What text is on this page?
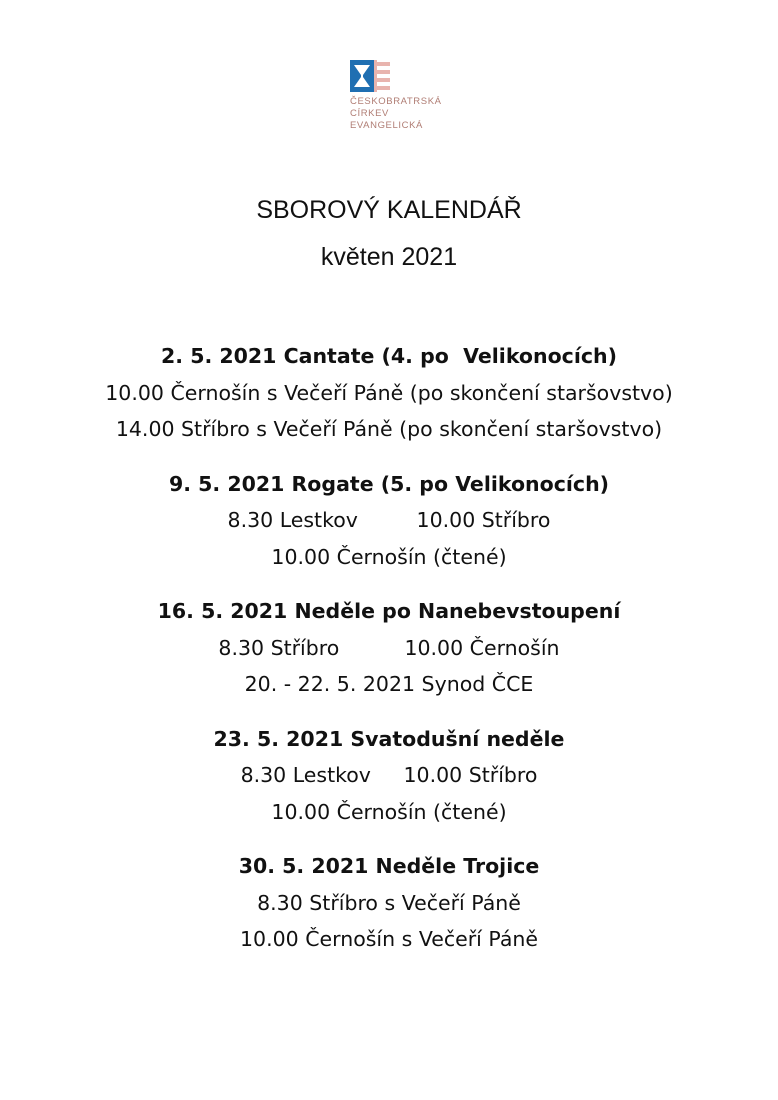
ČESKOBRATRSKÁ
CÍRKEV
EVANGELICKÁ
SBOROVÝ KALENDÁŘ
květen 2021
2. 5. 2021 Cantate (4. po  Velikonocích)
10.00 Černošín s Večeří Páně (po skončení staršovstvo)
14.00 Stříbro s Večeří Páně (po skončení staršovstvo)
9. 5. 2021 Rogate (5. po Velikonocích)
8.30 Lestkov         10.00 Stříbro
10.00 Černošín (čtené)
16. 5. 2021 Neděle po Nanebevstoupení
8.30 Stříbro          10.00 Černošín
20. - 22. 5. 2021 Synod ČCE
23. 5. 2021 Svatodušní neděle
8.30 Lestkov     10.00 Stříbro
10.00 Černošín (čtené)
30. 5. 2021 Neděle Trojice
8.30 Stříbro s Večeří Páně
10.00 Černošín s Večeří Páně
